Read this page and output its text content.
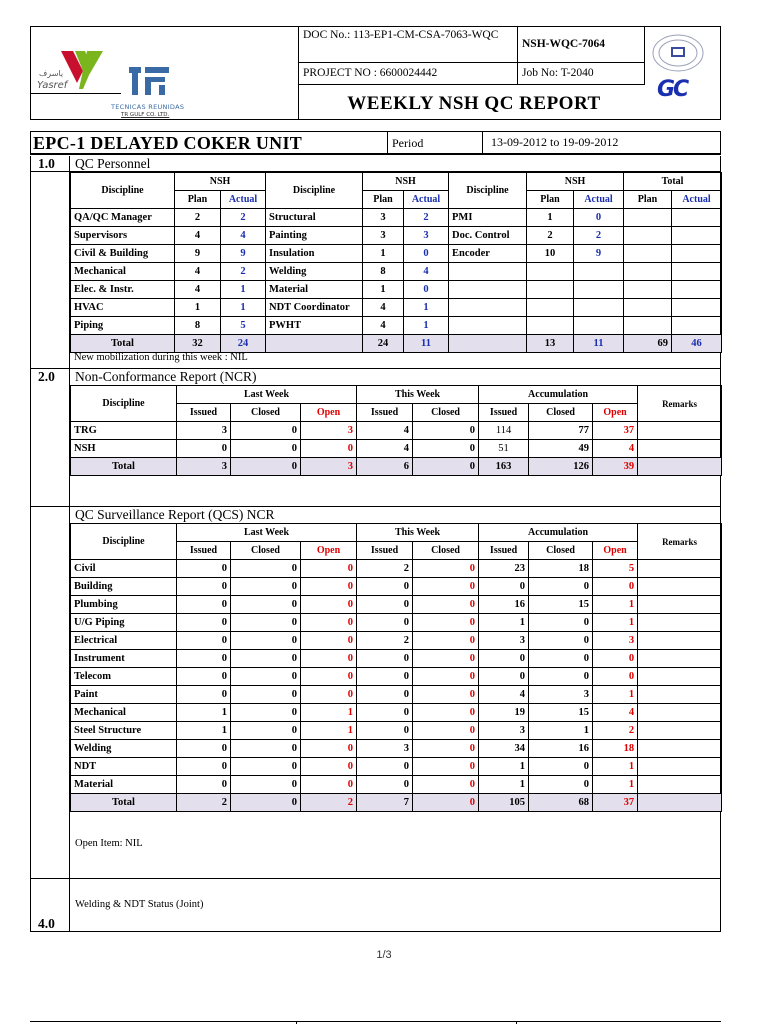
ياسرف
Yasref
TECNICAS REUNIDAS
TR GULF CO. LTD.
DOC No.: 113-EP1-CM-CSA-7063-WQC
NSH-WQC-7064
PROJECT NO : 6600024442	Job No: T-2040
WEEKLY NSH QC REPORT
GC
EPC-1 DELAYED COKER UNIT	Period	13-09-2012 to 19-09-2012
1.0 QC Personnel
Discipline	NSH		Discipline	NSH		Discipline	NSH		Total	
	Plan	Actual		Plan	Actual		Plan	Actual	Plan	Actual
QA/QC Manager	2	2	Structural	3	2	PMI	1	0		
Supervisors	4	4	Painting	3	3	Doc. Control	2	2		
Civil & Building	9	9	Insulation	1	0	Encoder	10	9		
Mechanical	4	2	Welding	8	4					
Elec. & Instr.	4	1	Material	1	0					
HVAC	1	1	NDT Coordinator	4	1					
Piping	8	5	PWHT	4	1					
Total	32	24		24	11		13	11	69	46
New mobilization during this week : NIL
2.0 Non-Conformance Report (NCR)
Discipline	Last Week			This Week		Accumulation			Remarks
	Issued	Closed	Open	Issued	Closed	Issued	Closed	Open	
TRG	3	0	3	4	0	114	77	37	
NSH	0	0	0	4	0	51	49	4	
Total	3	0	3	6	0	163	126	39	

QC Surveillance Report (QCS) NCR
Discipline	Last Week			This Week		Accumulation			Remarks
	Issued	Closed	Open	Issued	Closed	Issued	Closed	Open	
Civil	0	0	0	2	0	23	18	5	
Building	0	0	0	0	0	0	0	0	
Plumbing	0	0	0	0	0	16	15	1	
U/G Piping	0	0	0	0	0	1	0	1	
Electrical	0	0	0	2	0	3	0	3	
Instrument	0	0	0	0	0	0	0	0	
Telecom	0	0	0	0	0	0	0	0	
Paint	0	0	0	0	0	4	3	1	
Mechanical	1	0	1	0	0	19	15	4	
Steel Structure	1	0	1	0	0	3	1	2	
Welding	0	0	0	3	0	34	16	18	
NDT	0	0	0	0	0	1	0	1	
Material	0	0	0	0	0	1	0	1	
Total	2	0	2	7	0	105	68	37	
Open Item: NIL
Welding & NDT Status (Joint)
4.0
1/3
